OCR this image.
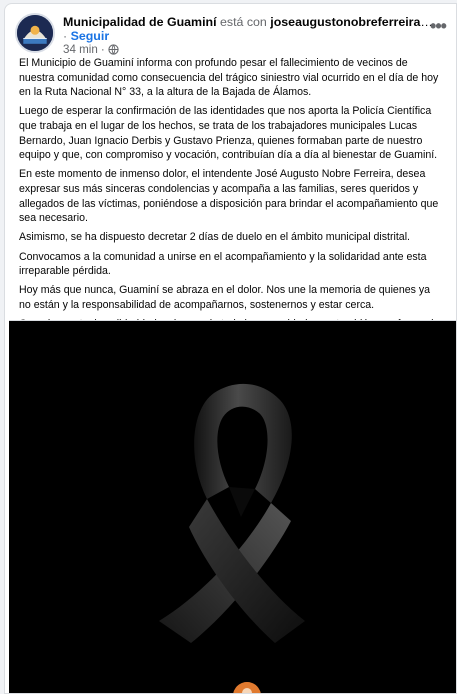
Municipalidad de Guaminí está con joseaugustonobreferreira e
· Seguir
34 min ·
•••

El Municipio de Guaminí informa con profundo pesar el fallecimiento de vecinos de nuestra comunidad como consecuencia del trágico siniestro vial ocurrido en el día de hoy en la Ruta Nacional N° 33, a la altura de la Bajada de Álamos.

Luego de esperar la confirmación de las identidades que nos aporta la Policía Científica que trabaja en el lugar de los hechos, se trata de los trabajadores municipales Lucas Bernardo, Juan Ignacio Derbis y Gustavo Prienza, quienes formaban parte de nuestro equipo y que, con compromiso y vocación, contribuían día a día al bienestar de Guaminí.

En este momento de inmenso dolor, el intendente José Augusto Nobre Ferreira, desea expresar sus más sinceras condolencias y acompaña a las familias, seres queridos y allegados de las víctimas, poniéndose a disposición para brindar el acompañamiento que sea necesario.

Asimismo, se ha dispuesto decretar 2 días de duelo en el ámbito municipal distrital.

Convocamos a la comunidad a unirse en el acompañamiento y la solidaridad ante esta irreparable pérdida.

Hoy más que nunca, Guaminí se abraza en el dolor. Nos une la memoria de quienes ya no están y la responsabilidad de acompañarnos, sostenernos y estar cerca.
